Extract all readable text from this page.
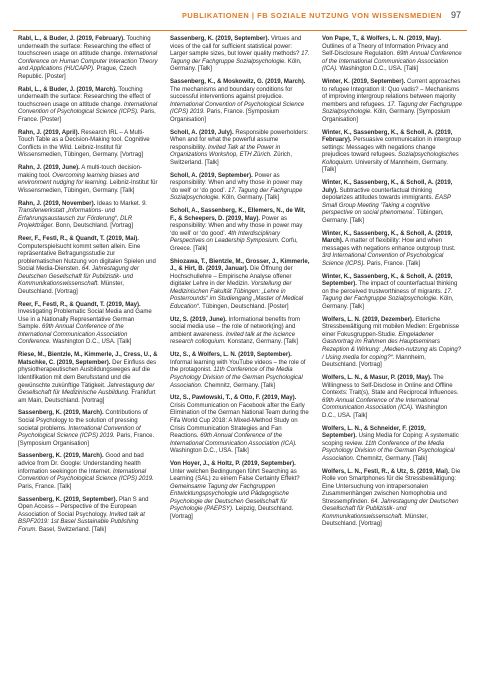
PUBLIKATIONEN | FB SOZIALE NUTZUNG VON WISSENSMEDIEN 97

Rabl, L., & Buder, J. (2019, February). Touching underneath the surface: Researching the effect of touchscreen usage on attitude change. International Conference on Human Computer Interaction Theory and Applications (HUCAPP). Prague, Czech Republic. [Poster]

Rabl, L., & Buder, J. (2019, March). Touching underneath the surface: Researching the effect of touchscreen usage on attitude change. International Convention of Psychological Science (ICPS). Paris, France. [Poster]

Rahn, J. (2019, April). Research IRL – A Multi-Touch Table as a Decision-Making tool. Cognitive Conflicts in the Wild. Leibniz-Institut für Wissensmedien, Tübingen, Germany. [Vortrag]

Rahn, J. (2019, June). A multi-touch decision-making tool. Overcoming learning biases and environment nudging for learning. Leibniz-Institut für Wissensmedien, Tübingen, Germany. [Talk]

Rahn, J. (2019, November). Ideas to Market. 9. Transferwerkstatt „Informations- und Erfahrungsaustausch zur Förderung“, DLR Projektträger. Bonn, Deutschland. [Vortrag]

Reer, F., Festl, R., & Quandt, T. (2019, Mai). Computerspielsucht kommt selten allein. Eine repräsentative Befragungsstudie zur problematischen Nutzung von digitalen Spielen und Social Media-Diensten. 64. Jahrestagung der Deutschen Gesellschaft für Publizistik- und Kommunikationswissenschaft. Münster, Deutschland. [Vortrag]

Reer, F., Festl, R., & Quandt, T. (2019, May). Investigating Problematic Social Media and Game Use in a Nationally Representative German Sample. 69th Annual Conference of the International Communication Association Conference. Washington D.C., USA. [Talk]

Riese, M., Bientzle, M., Kimmerle, J., Cress, U., & Matschke, C. (2019, September). Der Einfluss des physiotherapeutischen Ausbildungsweges auf die Identifikation mit dem Berufsstand und die gewünschte zukünftige Tätigkeit. Jahrestagung der Gesellschaft für Medizinische Ausbildung. Frankfurt am Main, Deutschland. [Vortrag]

Sassenberg, K. (2019, March). Contributions of Social Psychology to the solution of pressing societal problems. International Convention of Psychological Science (ICPS) 2019. Paris, France. [Symposium Organisation]

Sassenberg, K. (2019, March). Good and bad advice from Dr. Google: Understanding health information seekingon the Internet. International Convention of Psychological Science (ICPS) 2019. Paris, France. [Talk]

Sassenberg, K. (2019, September). Plan S and Open Access – Perspective of the European Association of Social Psychology. Invited talk at BSPF2019: 1st Basel Sustainable Publishing Forum. Basel, Switzerland. [Talk]

Sassenberg, K. (2019, September). Virtues and vices of the call for sufficient statistical power: Larger sample sizes, but lower quality methods? 17. Tagung der Fachgruppe Sozialpsychologie. Köln, Germany. [Talk]

Sassenberg, K., & Moskowitz, G. (2019, March). The mechanisms and boundary conditions for successful interventions against prejudice. International Convention of Psychological Science (ICPS) 2019. Paris, France. [Symposium Organisation]

Scholl, A. (2019, July). Responsible powerholders: When and for what the powerful assume responsibility. Invited Talk at the Power in Organizations Workshop, ETH Zürich. Zürich, Switzerland. [Talk]

Scholl, A. (2019, September). Power as responsibility: When and why those in power may ‘do well’ or ‘do good’. 17. Tagung der Fachgruppe Sozialpsychologie. Köln, Germany. [Talk]

Scholl, A., Sassenberg, K., Ellemers, N., de Wit, F., & Scheepers, D. (2019, May). Power as responsibility: When and why those in power may ‘do well’ or ‘do good’. 4th Interdisciplinary Perspectives on Leadership Symposium. Corfu, Greece. [Talk]

Shiozawa, T., Bientzle, M., Grosser, J., Kimmerle, J., & Hirt, B. (2019, Januar). Die Öffnung der Hochschullehre – Empirische Analyse offener digitaler Lehre in der Medizin. Vorstellung der Medizinischen Fakultät Tübingen: „Lehre in Posterrounds“ im Studiengang „Master of Medical Education“. Tübingen, Deutschland. [Poster]

Utz, S. (2019, June). Informational benefits from social media use – the role of network(ing) and ambient awareness. Invited talk at the iscience research colloquium. Konstanz, Germany. [Talk]

Utz, S., & Wolfers, L. N. (2019, September). Informal learning with YouTube videos – the role of the protagonist. 11th Conference of the Media Psychology Division of the German Psychological Association. Chemnitz, Germany. [Talk]

Utz, S., Pawlowski, T., & Otto, F. (2019, May). Crisis Communication on Facebook after the Early Elimination of the German National Team during the Fifa World Cup 2018: A Mixed-Method Study on Crisis Communication Strategies and Fan Reactions. 69th Annual Conference of the International Communication Association (ICA). Washington D.C., USA. [Talk]

Von Hoyer, J., & Holtz, P. (2019, September). Unter welchen Bedingungen führt Searching as Learning (SAL) zu einem False Certainty Effekt? Gemeinsame Tagung der Fachgruppen Entwicklungspsychologie und Pädagogische Psychologie der Deutschen Gesellschaft für Psychologie (PAEPSY). Leipzig, Deutschland. [Vortrag]

Von Pape, T., & Wolfers, L. N. (2019, May). Outlines of a Theory of Information Privacy and Self-Disclosure Regulation. 69th Annual Conference of the International Communication Association (ICA). Washington D.C., USA. [Talk]

Winter, K. (2019, September). Current approaches to refugee Integration II: Quo vadis? – Mechanisms of improving intergroup relations between majority members and refugees. 17. Tagung der Fachgruppe Sozialpsychologie. Köln, Germany. [Symposium Organisation]

Winter, K., Sassenberg, K., & Scholl, A. (2019, February). Persuasive communication in intergroup settings: Messages with negations change prejudices toward refugees. Sozialpsychologisches Kolloquium. University of Mannheim, Germany. [Talk]

Winter, K., Sassenberg, K., & Scholl, A. (2019, July). Subtractive counterfactual thinking depolarizes attitudes towards immigrants. EASP Small Group Meeting ‘Taking a cognitive perspective on social phenomena’. Tübingen, Germany. [Talk]

Winter, K., Sassenberg, K., & Scholl, A. (2019, March). A matter of flexibility: How and when messages with negations enhance outgroup trust. 3rd International Convention of Psychological Science (ICPS). Paris, France. [Talk]

Winter, K., Sassenberg, K., & Scholl, A. (2019, September). The impact of counterfactual thinking on the perceived trustworthiness of migrants. 17. Tagung der Fachgruppe Sozialpsychologie. Köln, Germany. [Talk]

Wolfers, L. N. (2019, Dezember). Elterliche Stressbewältigung mit mobilen Medien: Ergebnisse einer Fokusgruppen-Studie. Eingeladener Gastvortrag im Rahmen des Hauptseminars Rezeption & Wirkung: „Medien-nutzung als Coping? / Using media for coping?“. Mannheim, Deutschland. [Vortrag]

Wolfers, L. N., & Masur, P. (2019, May). The Willingness to Self-Disclose in Online and Offline Contexts: Trait(s), State and Reciprocal Influences. 69th Annual Conference of the International Communication Association (ICA). Washington D.C., USA. [Talk]

Wolfers, L. N., & Schneider, F. (2019, September). Using Media for Coping: A systematic scoping review. 11th Conference of the Media Psychology Division of the German Psychological Association. Chemnitz, Germany. [Talk]

Wolfers, L. N., Festl, R., & Utz, S. (2019, Mai). Die Rolle von Smartphones für die Stressbewältigung: Eine Untersuchung von intrapersonalen Zusammenhängen zwischen Nomophobia und Stressempfinden. 64. Jahrestagung der Deutschen Gesellschaft für Publizistik- und Kommunikationswissenschaft. Münster, Deutschland. [Vortrag]
